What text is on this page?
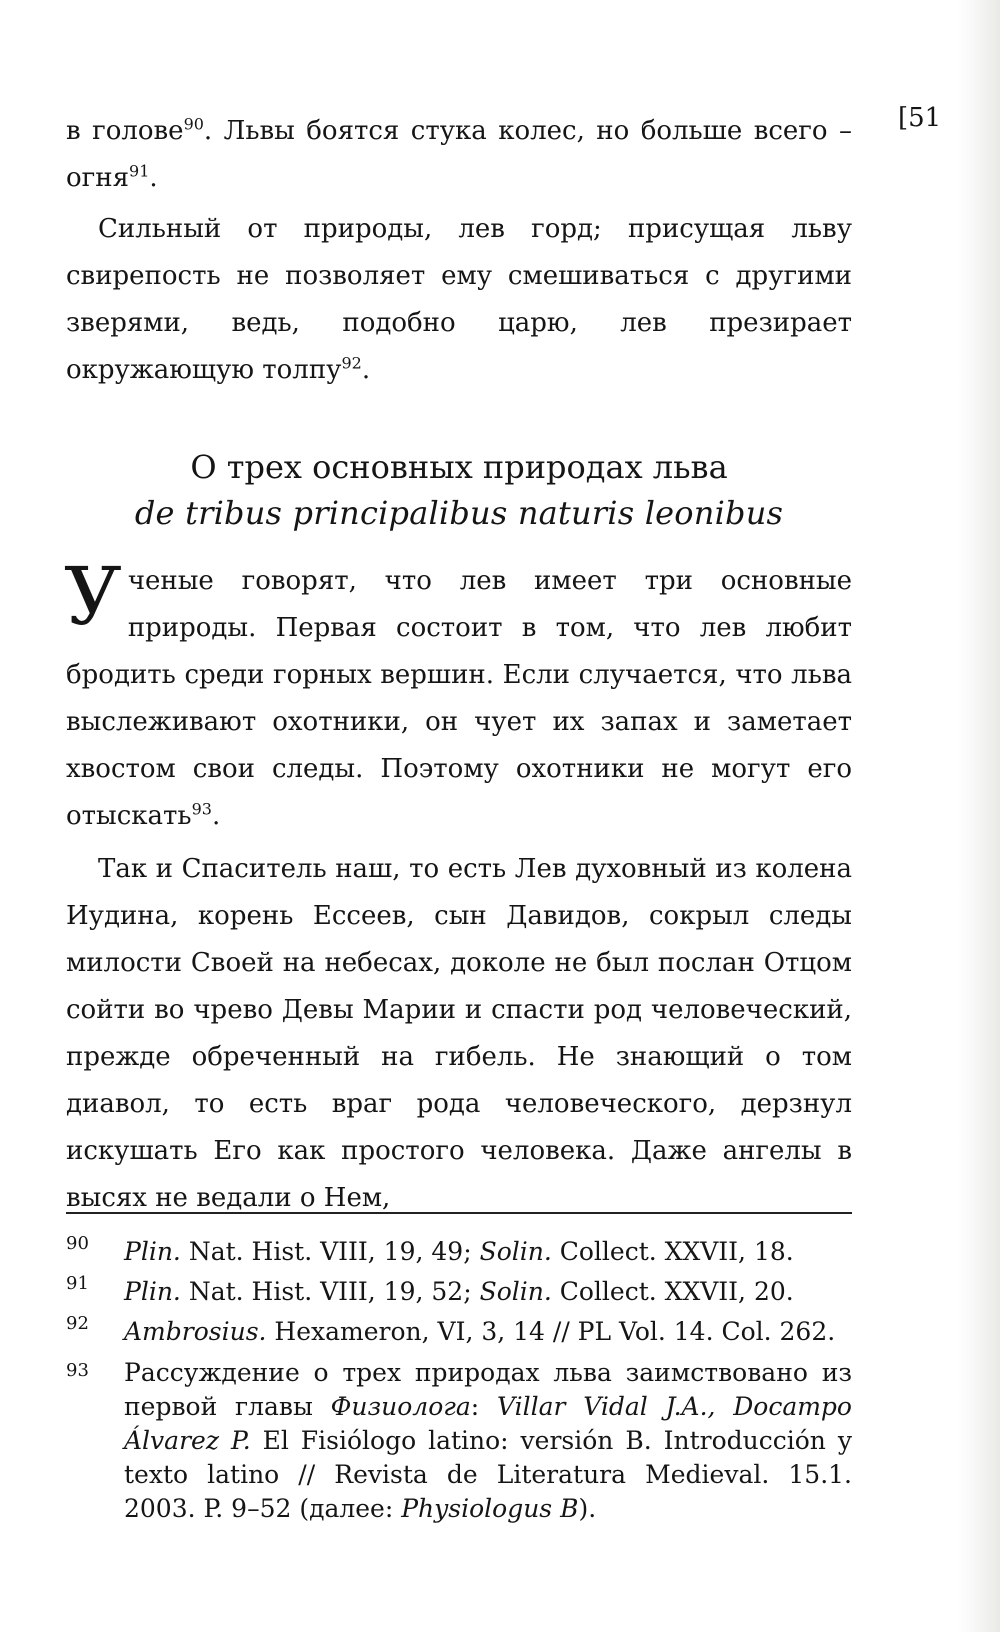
[51

в голове$^{90}$. Львы боятся стука колес, но больше всего – огня$^{91}$.

Сильный от природы, лев горд; присущая льву свирепость не позволяет ему смешиваться с другими зверями, ведь, подобно царю, лев презирает окружающую толпу$^{92}$.

О трех основных природах льва
de tribus principalibus naturis leonibus

Ученые говорят, что лев имеет три основные природы. Первая состоит в том, что лев любит бродить среди горных вершин. Если случается, что льва выслеживают охотники, он чует их запах и заметает хвостом свои следы. Поэтому охотники не могут его отыскать$^{93}$.

Так и Спаситель наш, то есть Лев духовный из колена Иудина, корень Ессеев, сын Давидов, сокрыл следы милости Своей на небесах, доколе не был послан Отцом сойти во чрево Девы Марии и спасти род человеческий, прежде обреченный на гибель. Не знающий о том диавол, то есть враг рода человеческого, дерзнул искушать Его как простого человека. Даже ангелы в высях не ведали о Нем,

90 Plin. Nat. Hist. VIII, 19, 49; Solin. Collect. XXVII, 18.

91 Plin. Nat. Hist. VIII, 19, 52; Solin. Collect. XXVII, 20.

92 Ambrosius. Hexameron, VI, 3, 14 // PL Vol. 14. Col. 262.

93 Рассуждение о трех природах льва заимствовано из первой главы Физиолога: Villar Vidal J.A., Docampo Álvarez P. El Fisiólogo latino: versión B. Introducción y texto latino // Revista de Literatura Medieval. 15.1. 2003. P. 9–52 (далее: Physiologus B).
